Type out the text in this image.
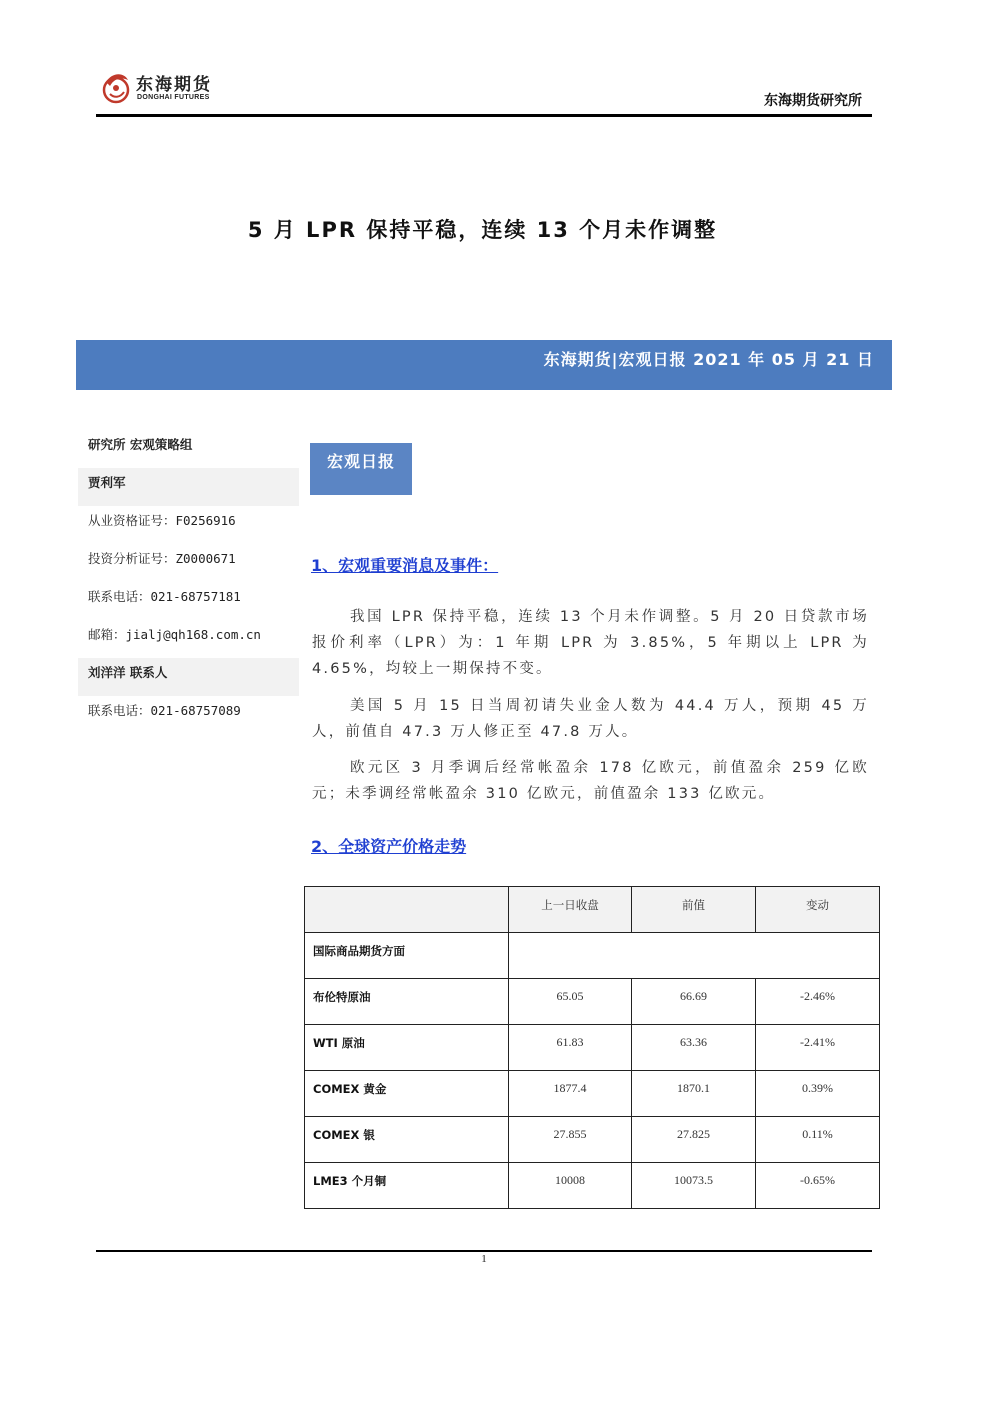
东海期货
DONGHAI FUTURES	东海期货研究所
5 月 LPR 保持平稳，连续 13 个月未作调整
东海期货|宏观日报 2021 年 05 月 21 日
研究所 宏观策略组
贾利军
从业资格证号：F0256916
投资分析证号：Z0000671
联系电话：021-68757181
邮箱：jialj@qh168.com.cn
刘洋洋 联系人
联系电话：021-68757089
宏观日报
1、宏观重要消息及事件：

我国 LPR 保持平稳，连续 13 个月未作调整。5 月 20 日贷款市场报价利率（LPR）为：1 年期 LPR 为 3.85%，5 年期以上 LPR 为 4.65%，均较上一期保持不变。

美国 5 月 15 日当周初请失业金人数为 44.4 万人，预期 45 万人，前值自 47.3 万人修正至 47.8 万人。

欧元区 3 月季调后经常帐盈余 178 亿欧元，前值盈余 259 亿欧元；未季调经常帐盈余 310 亿欧元，前值盈余 133 亿欧元。

2、全球资产价格走势
	上一日收盘	前值	变动
国际商品期货方面			
布伦特原油	65.05	66.69	-2.46%
WTI 原油	61.83	63.36	-2.41%
COMEX 黄金	1877.4	1870.1	0.39%
COMEX 银	27.855	27.825	0.11%
LME3 个月铜	10008	10073.5	-0.65%
1
